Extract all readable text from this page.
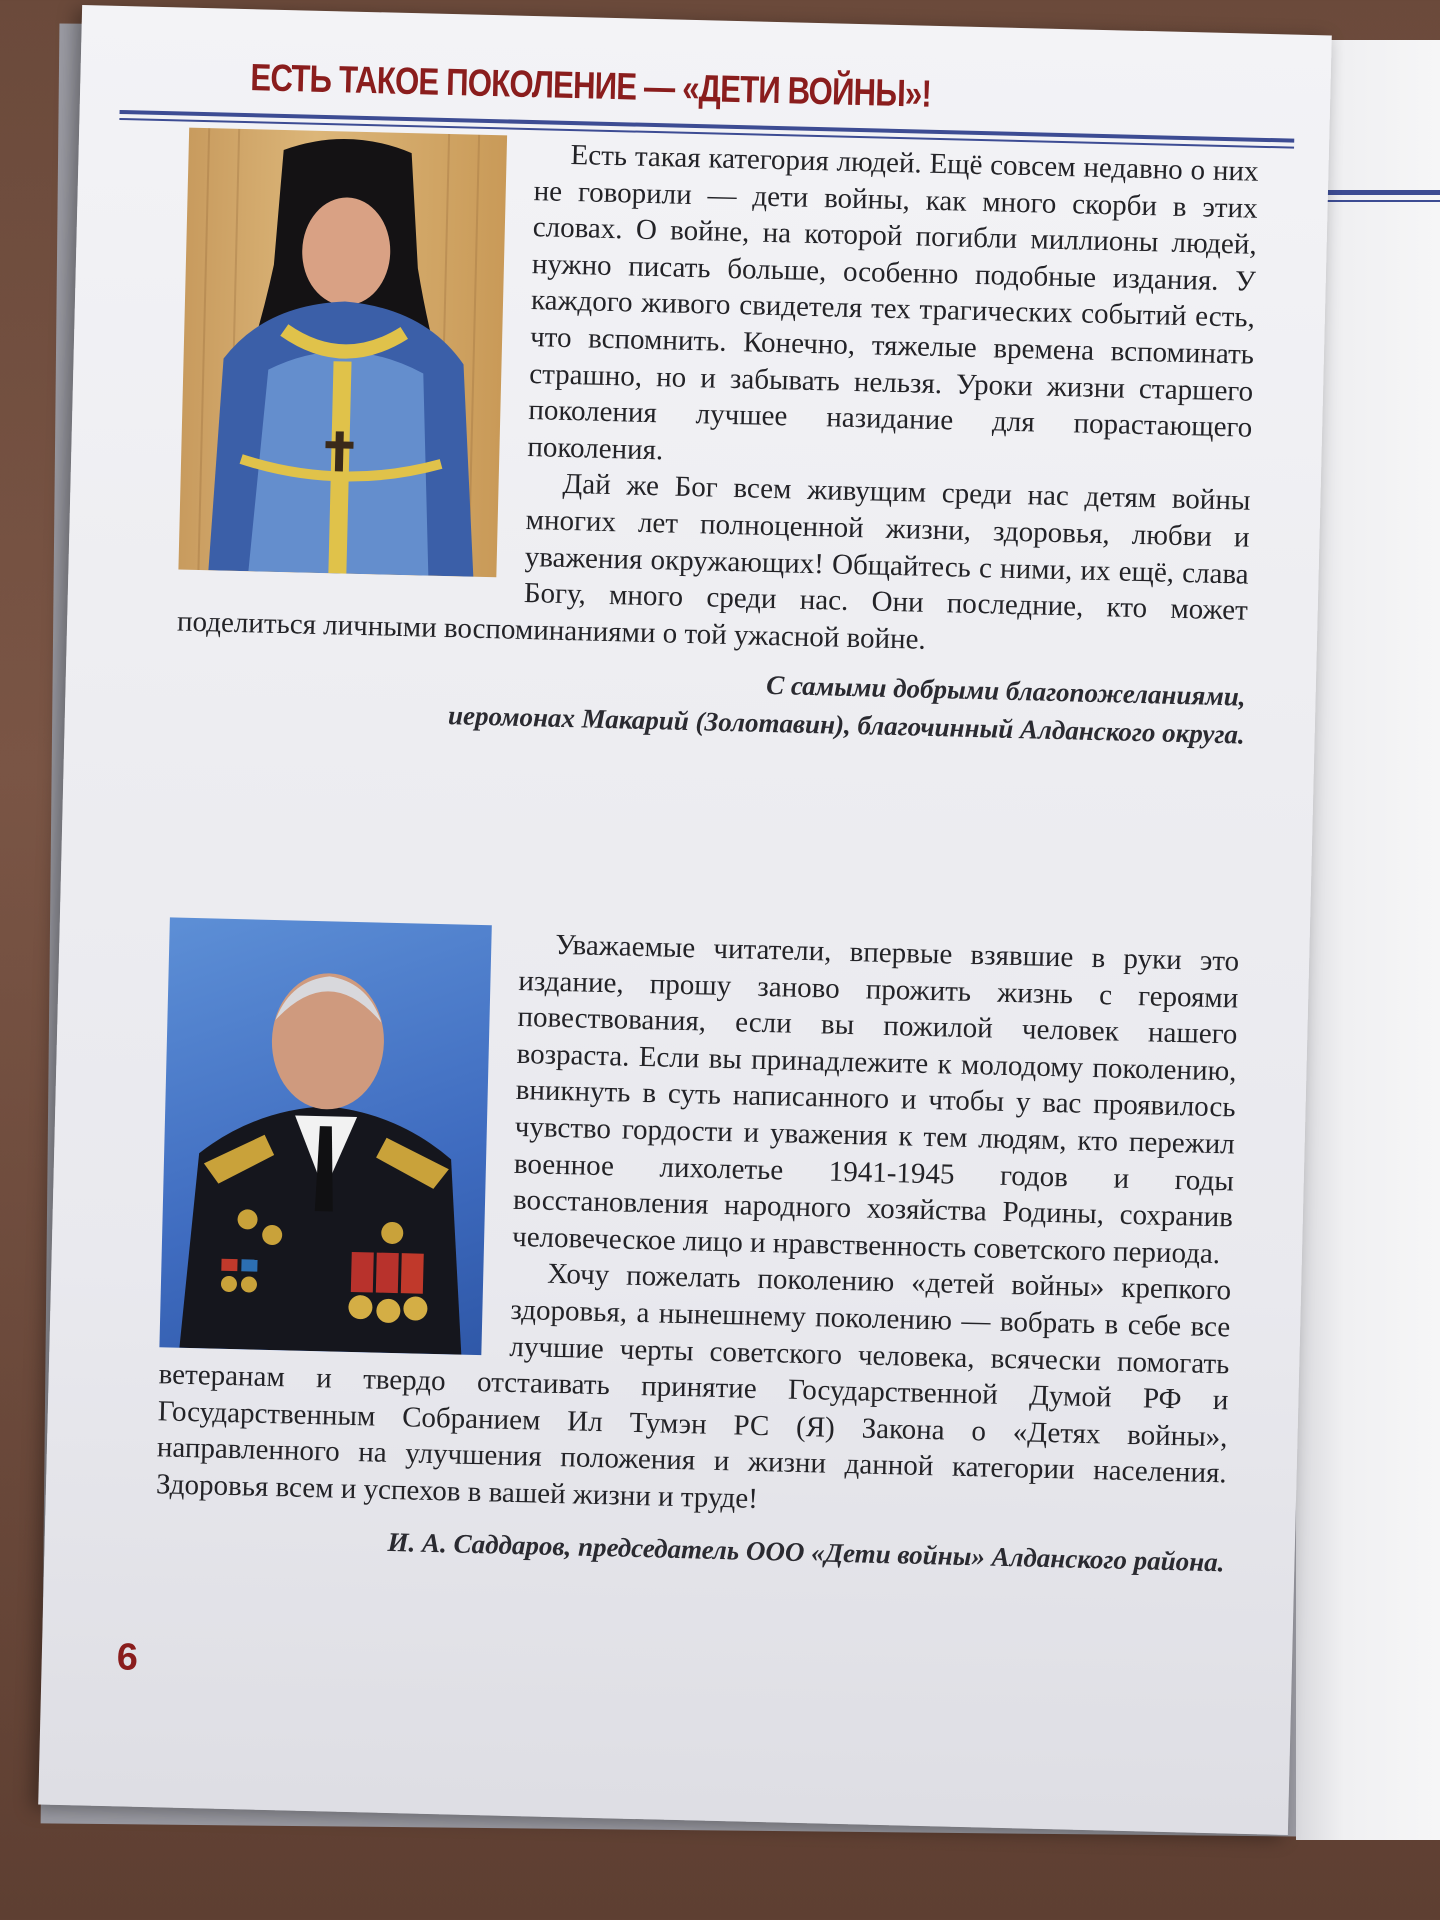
ЕСТЬ ТАКОЕ ПОКОЛЕНИЕ — «ДЕТИ ВОЙНЫ»!

Есть такая категория людей. Ещё совсем недавно о них не говорили — дети войны, как много скорби в этих словах. О войне, на которой погибли миллионы людей, нужно писать больше, особенно подобные издания. У каждого живого свидетеля тех трагических событий есть, что вспомнить. Конечно, тяжелые времена вспоминать страшно, но и забывать нельзя. Уроки жизни старшего поколения лучшее назидание для порастающего поколения.

Дай же Бог всем живущим среди нас детям войны многих лет полноценной жизни, здоровья, любви и уважения окружающих! Общайтесь с ними, их ещё, слава Богу, много среди нас. Они последние, кто может поделиться личными воспоминаниями о той ужасной войне.

С самыми добрыми благопожеланиями,
иеромонах Макарий (Золотавин), благочинный Алданского округа.

Уважаемые читатели, впервые взявшие в руки это издание, прошу заново прожить жизнь с героями повествования, если вы пожилой человек нашего возраста. Если вы принадлежите к молодому поколению, вникнуть в суть написанного и чтобы у вас проявилось чувство гордости и уважения к тем людям, кто пережил военное лихолетье 1941-1945 годов и годы восстановления народного хозяйства Родины, сохранив человеческое лицо и нравственность советского периода.

Хочу пожелать поколению «детей войны» крепкого здоровья, а нынешнему поколению — вобрать в себе все лучшие черты советского человека, всячески помогать ветеранам и твердо отстаивать принятие Государственной Думой РФ и Государственным Собранием Ил Тумэн РС (Я) Закона о «Детях войны», направленного на улучшения положения и жизни данной категории населения. Здоровья всем и успехов в вашей жизни и труде!

И. А. Саддаров, председатель ООО «Дети войны» Алданского района.
6
